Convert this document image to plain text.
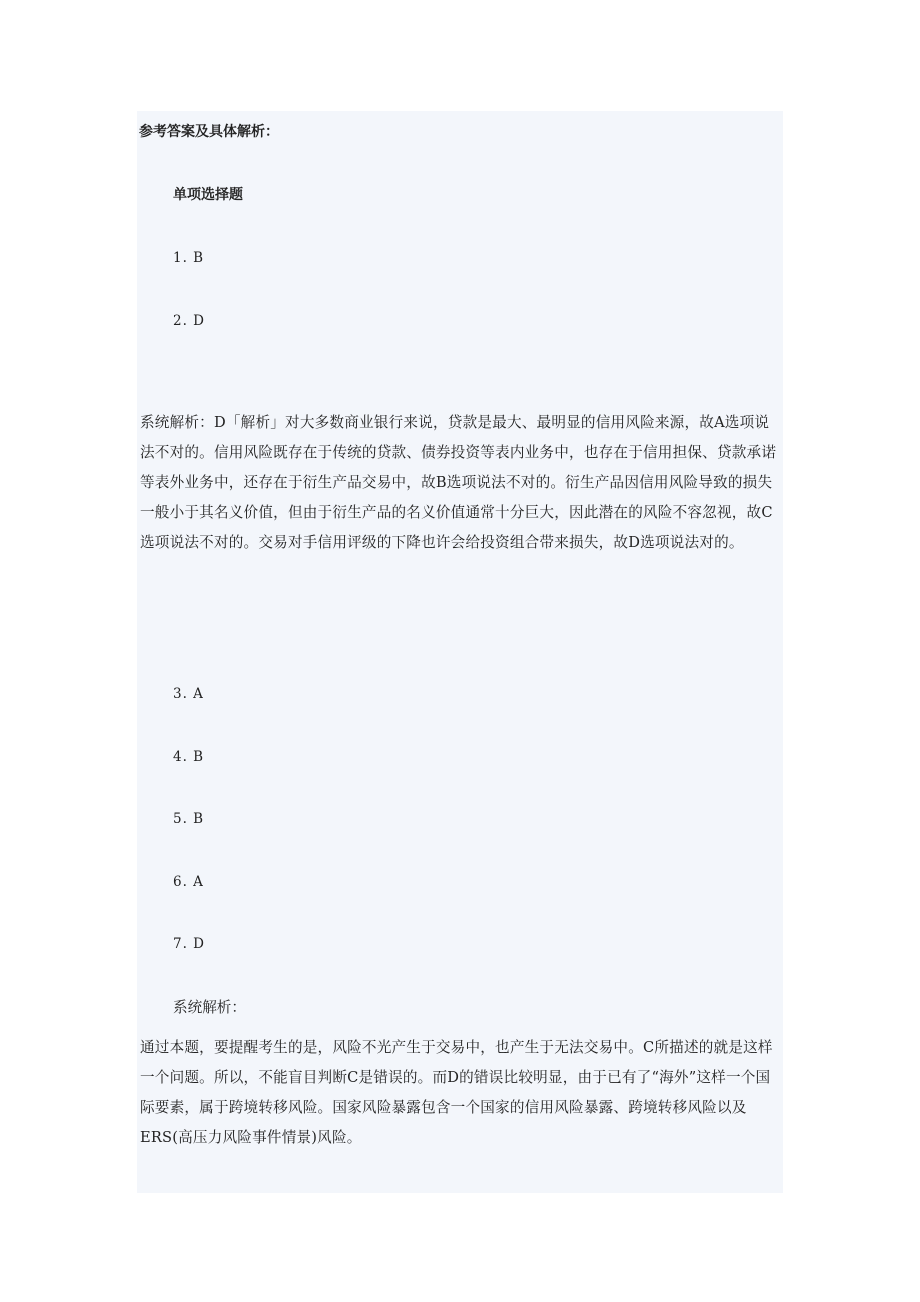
参考答案及具体解析：
单项选择题
1. B
2. D

系统解析：D「解析」对大多数商业银行来说，贷款是最大、最明显的信用风险来源，故A选项说法不对的。信用风险既存在于传统的贷款、债券投资等表内业务中，也存在于信用担保、贷款承诺等表外业务中，还存在于衍生产品交易中，故B选项说法不对的。衍生产品因信用风险导致的损失一般小于其名义价值，但由于衍生产品的名义价值通常十分巨大，因此潜在的风险不容忽视，故C选项说法不对的。交易对手信用评级的下降也许会给投资组合带来损失，故D选项说法对的。

3. A
4. B
5. B
6. A
7. D
系统解析：

通过本题，要提醒考生的是，风险不光产生于交易中，也产生于无法交易中。C所描述的就是这样一个问题。所以，不能盲目判断C是错误的。而D的错误比较明显，由于已有了“海外”这样一个国际要素，属于跨境转移风险。国家风险暴露包含一个国家的信用风险暴露、跨境转移风险以及ERS(高压力风险事件情景)风险。
